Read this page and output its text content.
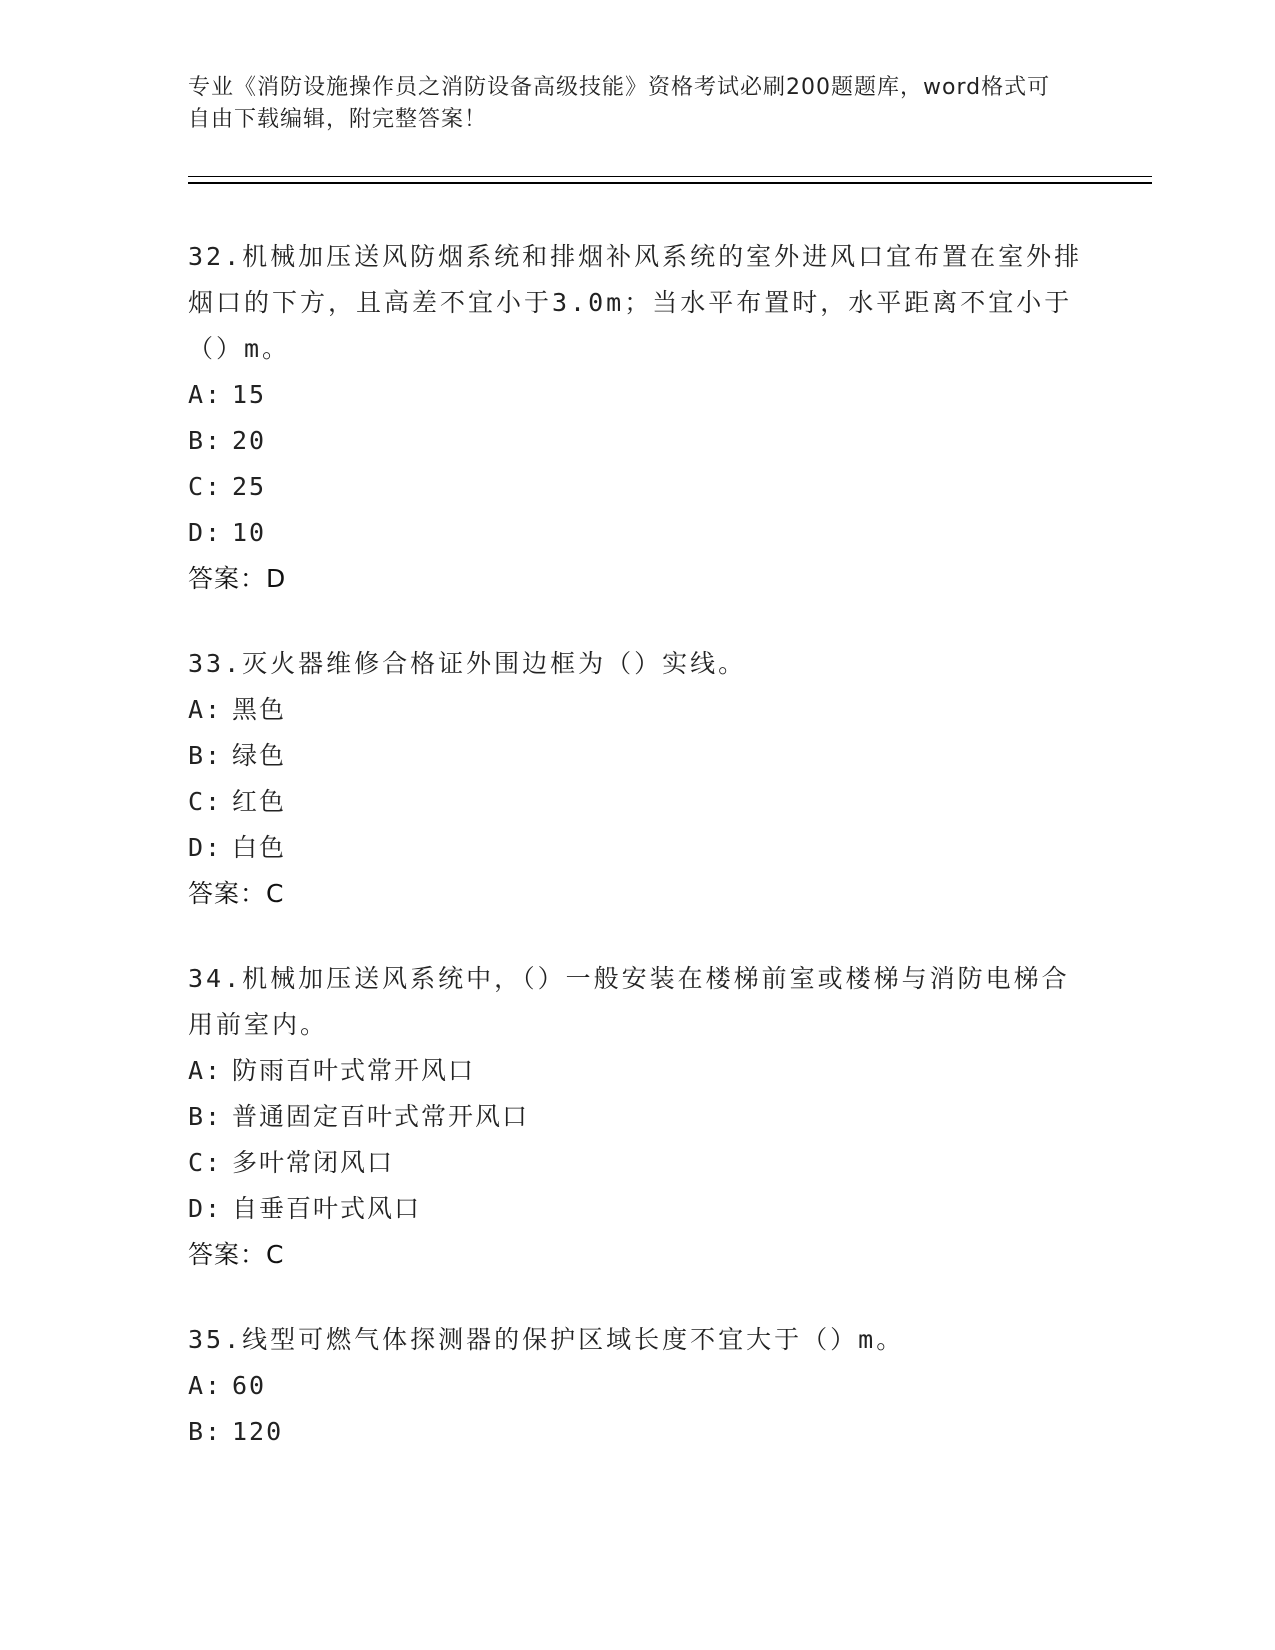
专业《消防设施操作员之消防设备高级技能》资格考试必刷200题题库，word格式可自由下载编辑，附完整答案！

32.机械加压送风防烟系统和排烟补风系统的室外进风口宜布置在室外排烟口的下方，且高差不宜小于3.0m；当水平布置时，水平距离不宜小于（）m。

A: 15
B: 20
C: 25
D: 10
答案：D

33.灭火器维修合格证外围边框为（）实线。

A: 黑色
B: 绿色
C: 红色
D: 白色
答案：C

34.机械加压送风系统中，（）一般安装在楼梯前室或楼梯与消防电梯合用前室内。

A: 防雨百叶式常开风口
B: 普通固定百叶式常开风口
C: 多叶常闭风口
D: 自垂百叶式风口
答案：C

35.线型可燃气体探测器的保护区域长度不宜大于（）m。

A: 60
B: 120
